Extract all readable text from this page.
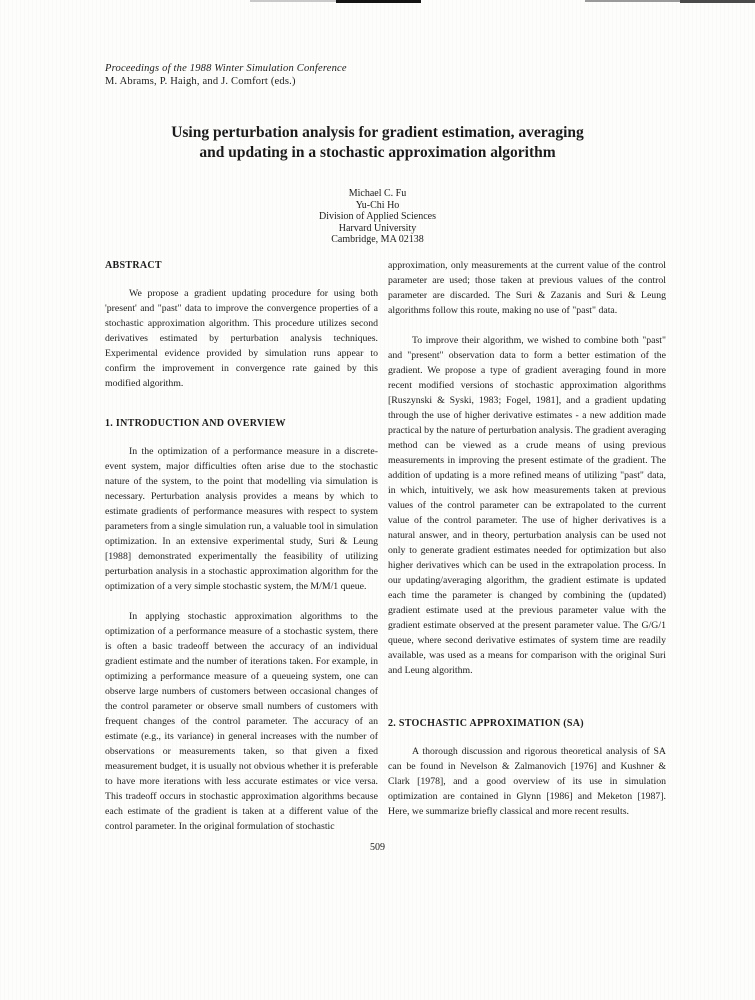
Proceedings of the 1988 Winter Simulation Conference
M. Abrams, P. Haigh, and J. Comfort (eds.)
Using perturbation analysis for gradient estimation, averaging
and updating in a stochastic approximation algorithm
Michael C. Fu
Yu-Chi Ho
Division of Applied Sciences
Harvard University
Cambridge, MA 02138
ABSTRACT

We propose a gradient updating procedure for using both 'present' and "past" data to improve the convergence properties of a stochastic approximation algorithm. This procedure utilizes second derivatives estimated by perturbation analysis techniques. Experimental evidence provided by simulation runs appear to confirm the improvement in convergence rate gained by this modified algorithm.

1. INTRODUCTION AND OVERVIEW

In the optimization of a performance measure in a discrete-event system, major difficulties often arise due to the stochastic nature of the system, to the point that modelling via simulation is necessary. Perturbation analysis provides a means by which to estimate gradients of performance measures with respect to system parameters from a single simulation run, a valuable tool in simulation optimization. In an extensive experimental study, Suri & Leung [1988] demonstrated experimentally the feasibility of utilizing perturbation analysis in a stochastic approximation algorithm for the optimization of a very simple stochastic system, the M/M/1 queue.

In applying stochastic approximation algorithms to the optimization of a performance measure of a stochastic system, there is often a basic tradeoff between the accuracy of an individual gradient estimate and the number of iterations taken. For example, in optimizing a performance measure of a queueing system, one can observe large numbers of customers between occasional changes of the control parameter or observe small numbers of customers with frequent changes of the control parameter. The accuracy of an estimate (e.g., its variance) in general increases with the number of observations or measurements taken, so that given a fixed measurement budget, it is usually not obvious whether it is preferable to have more iterations with less accurate estimates or vice versa. This tradeoff occurs in stochastic approximation algorithms because each estimate of the gradient is taken at a different value of the control parameter. In the original formulation of stochastic

approximation, only measurements at the current value of the control parameter are used; those taken at previous values of the control parameter are discarded. The Suri & Zazanis and Suri & Leung algorithms follow this route, making no use of "past" data.

To improve their algorithm, we wished to combine both "past" and "present" observation data to form a better estimation of the gradient. We propose a type of gradient averaging found in more recent modified versions of stochastic approximation algorithms [Ruszynski & Syski, 1983; Fogel, 1981], and a gradient updating through the use of higher derivative estimates - a new addition made practical by the nature of perturbation analysis. The gradient averaging method can be viewed as a crude means of using previous measurements in improving the present estimate of the gradient. The addition of updating is a more refined means of utilizing "past" data, in which, intuitively, we ask how measurements taken at previous values of the control parameter can be extrapolated to the current value of the control parameter. The use of higher derivatives is a natural answer, and in theory, perturbation analysis can be used not only to generate gradient estimates needed for optimization but also higher derivatives which can be used in the extrapolation process. In our updating/averaging algorithm, the gradient estimate is updated each time the parameter is changed by combining the (updated) gradient estimate used at the previous parameter value with the gradient estimate observed at the present parameter value. The G/G/1 queue, where second derivative estimates of system time are readily available, was used as a means for comparison with the original Suri and Leung algorithm.

2. STOCHASTIC APPROXIMATION (SA)

A thorough discussion and rigorous theoretical analysis of SA can be found in Nevelson & Zalmanovich [1976] and Kushner & Clark [1978], and a good overview of its use in simulation optimization are contained in Glynn [1986] and Meketon [1987]. Here, we summarize briefly classical and more recent results.

509
